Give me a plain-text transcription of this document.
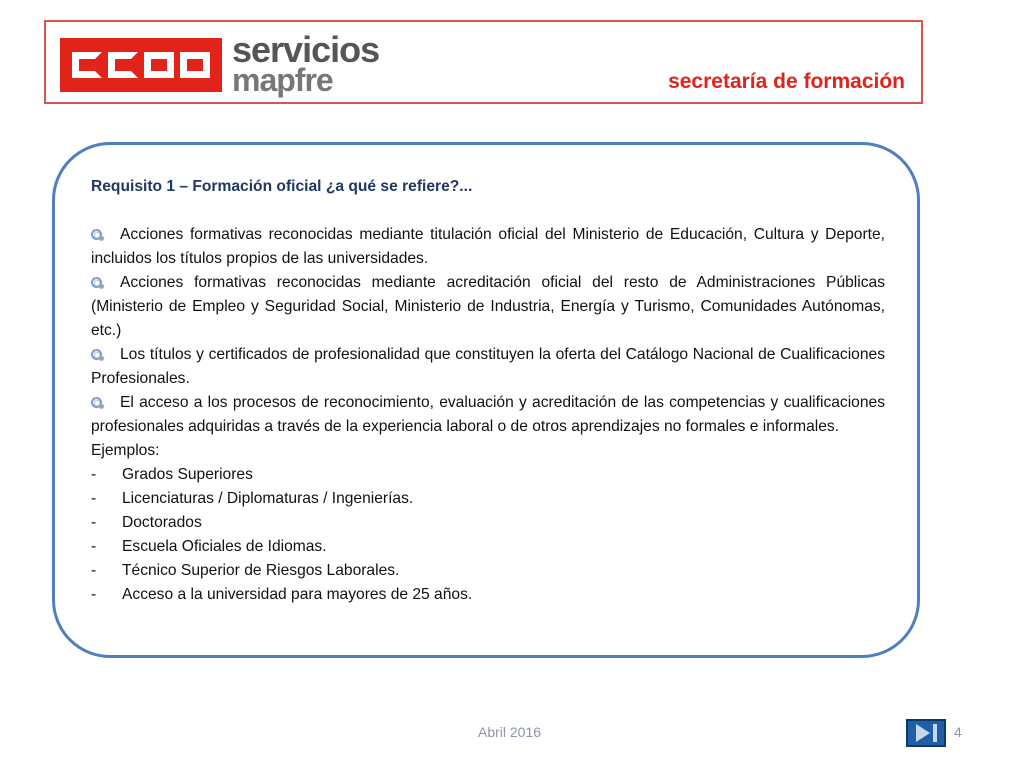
servicios
mapfre	secretaría de formación
Requisito 1 – Formación oficial ¿a qué se refiere?...

Acciones formativas reconocidas mediante titulación oficial del Ministerio de Educación, Cultura y Deporte, incluidos los títulos propios de las universidades.

Acciones formativas reconocidas mediante acreditación oficial del resto de Administraciones Públicas (Ministerio de Empleo y Seguridad Social, Ministerio de Industria, Energía y Turismo, Comunidades Autónomas, etc.)

Los títulos y certificados de profesionalidad que constituyen la oferta del Catálogo Nacional de Cualificaciones Profesionales.

El acceso a los procesos de reconocimiento, evaluación y acreditación de las competencias y cualificaciones profesionales adquiridas a través de la experiencia laboral o de otros aprendizajes no formales e informales.

Ejemplos:

-	Grados Superiores

-	Licenciaturas / Diplomaturas / Ingenierías.

-	Doctorados

-	Escuela Oficiales de Idiomas.

-	Técnico Superior de Riesgos Laborales.

-	Acceso a la universidad para mayores de 25 años.

Abril 2016	4
